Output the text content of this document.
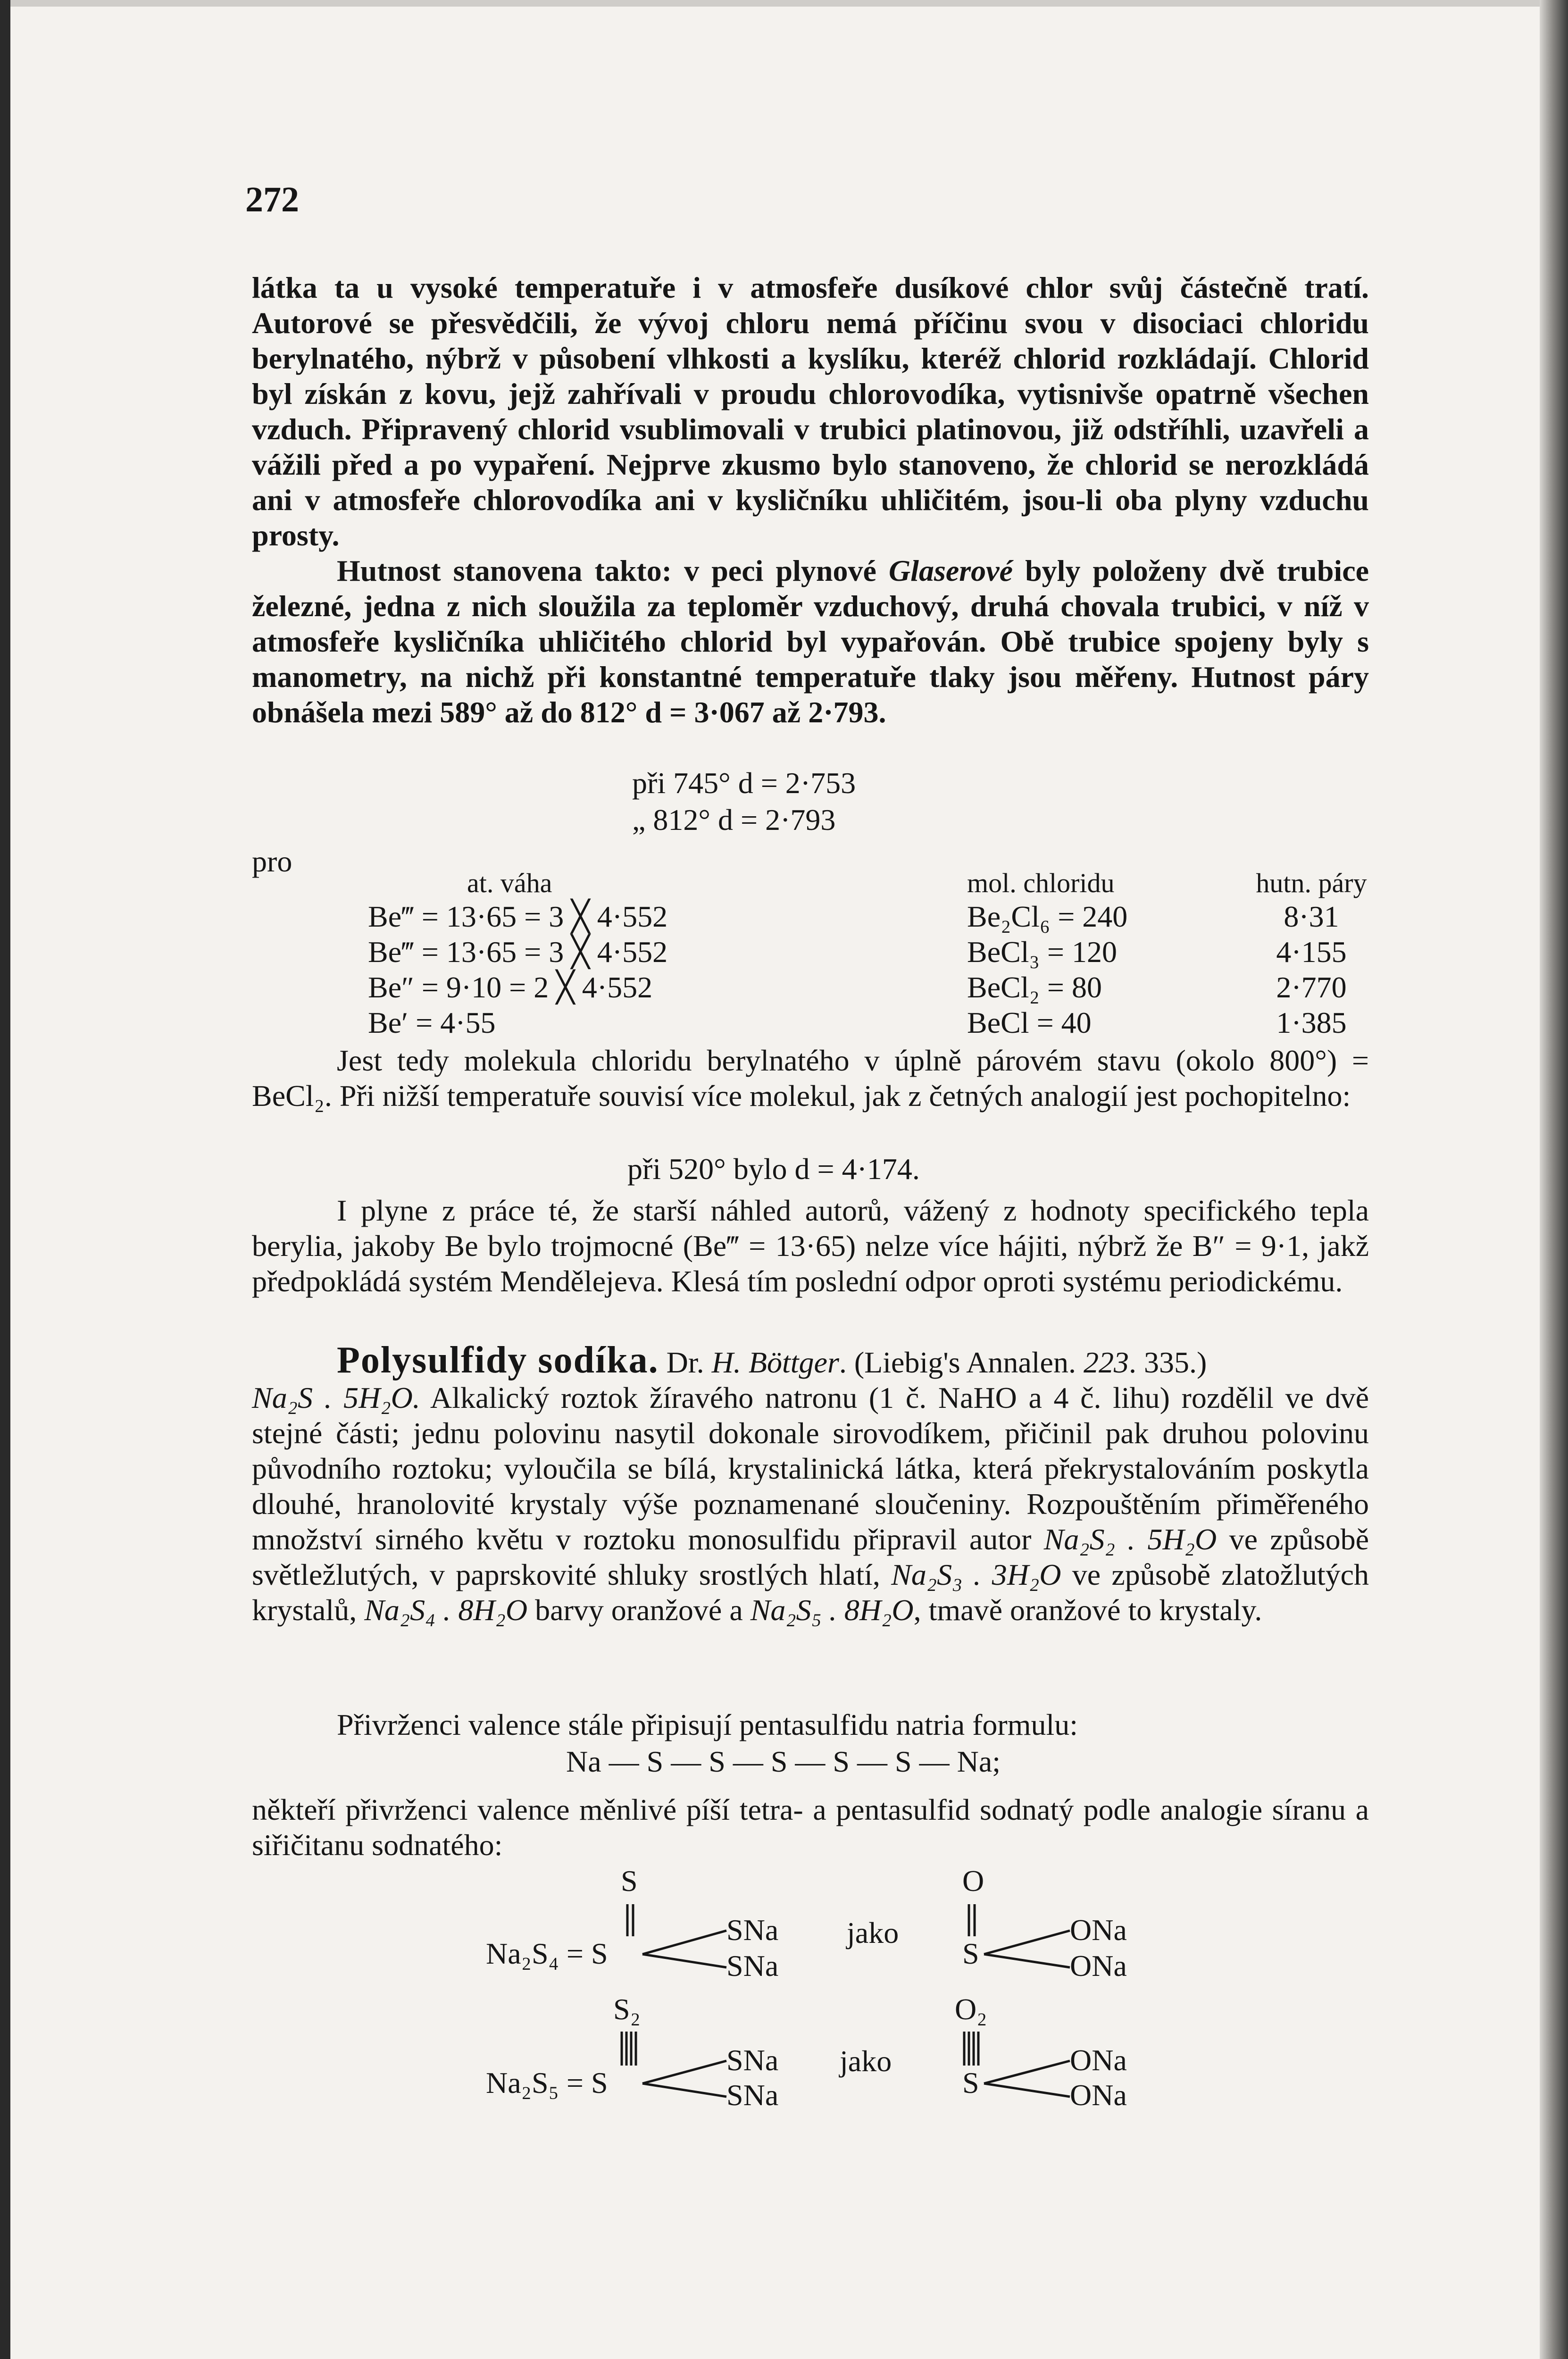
272

látka ta u vysoké temperatuře i v atmosfeře dusíkové chlor svůj částečně tratí. Autorové se přesvědčili, že vývoj chloru nemá příčinu svou v disociaci chloridu berylnatého, nýbrž v působení vlhkosti a kyslíku, kteréž chlorid rozkládají. Chlorid byl získán z kovu, jejž zahřívali v proudu chlorovodíka, vytisnivše opatrně všechen vzduch. Připravený chlorid vsublimovali v trubici platinovou, již odstříhli, uzavřeli a vážili před a po vypaření. Nejprve zkusmo bylo stanoveno, že chlorid se nerozkládá ani v atmosfeře chlorovodíka ani v kysličníku uhličitém, jsou-li oba plyny vzduchu prosty.

Hutnost stanovena takto: v peci plynové Glaserové byly položeny dvě trubice železné, jedna z nich sloužila za teploměr vzduchový, druhá chovala trubici, v níž v atmosfeře kysličníka uhličitého chlorid byl vypařován. Obě trubice spojeny byly s manometry, na nichž při konstantné temperatuře tlaky jsou měřeny. Hutnost páry obnášela mezi 589° až do 812° d = 3·067 až 2·793.

při 745° d = 2·753
„ 812° d = 2·793
pro
at. váha	mol. chloridu	hutn. páry
Be‴ = 13·65 = 3 ╳ 4·552	Be₂Cl₆ = 240	8·31
Be‴ = 13·65 = 3 ╳ 4·552	BeCl₃ = 120	4·155
Be″ = 9·10 = 2 ╳ 4·552	BeCl₂ = 80	2·770
Be′ = 4·55	BeCl = 40	1·385

Jest tedy molekula chloridu berylnatého v úplně párovém stavu (okolo 800°) = BeCl₂. Při nižší temperatuře souvisí více molekul, jak z četných analogií jest pochopitelno:

při 520° bylo d = 4·174.

I plyne z práce té, že starší náhled autorů, vážený z hodnoty specifického tepla berylia, jakoby Be bylo trojmocné (Be‴ = 13·65) nelze více hájiti, nýbrž že B″ = 9·1, jakž předpokládá systém Mendělejeva. Klesá tím poslední odpor oproti systému periodickému.

Polysulfidy sodíka. Dr. H. Böttger. (Liebig's Annalen. 223. 335.)
Na₂S . 5H₂O. Alkalický roztok žíravého natronu (1 č. NaHO a 4 č. lihu) rozdělil ve dvě stejné části; jednu polovinu nasytil dokonale sirovodíkem, přičinil pak druhou polovinu původního roztoku; vyloučila se bílá, krystalinická látka, která překrystalováním poskytla dlouhé, hranolovité krystaly výše poznamenané sloučeniny. Rozpouštěním přiměřeného množství sirného květu v roztoku monosulfidu připravil autor Na₂S₂ . 5H₂O ve způsobě světležlutých, v paprskovité shluky srostlých hlatí, Na₂S₃ . 3H₂O ve způsobě zlatožlutých krystalů, Na₂S₄ . 8H₂O barvy oranžové a Na₂S₅ . 8H₂O, tmavě oranžové to krystaly.

Přivrženci valence stále připisují pentasulfidu natria formulu:

Na — S — S — S — S — S — Na;

někteří přivrženci valence měnlivé píší tetra- a pentasulfid sodnatý podle analogie síranu a siřičitanu sodnatého:

S
Na₂S₄ = S
SNa
SNa
jako
O
S
ONa
ONa
S₂
Na₂S₅ = S
SNa
SNa
jako
O₂
S
ONa
ONa
